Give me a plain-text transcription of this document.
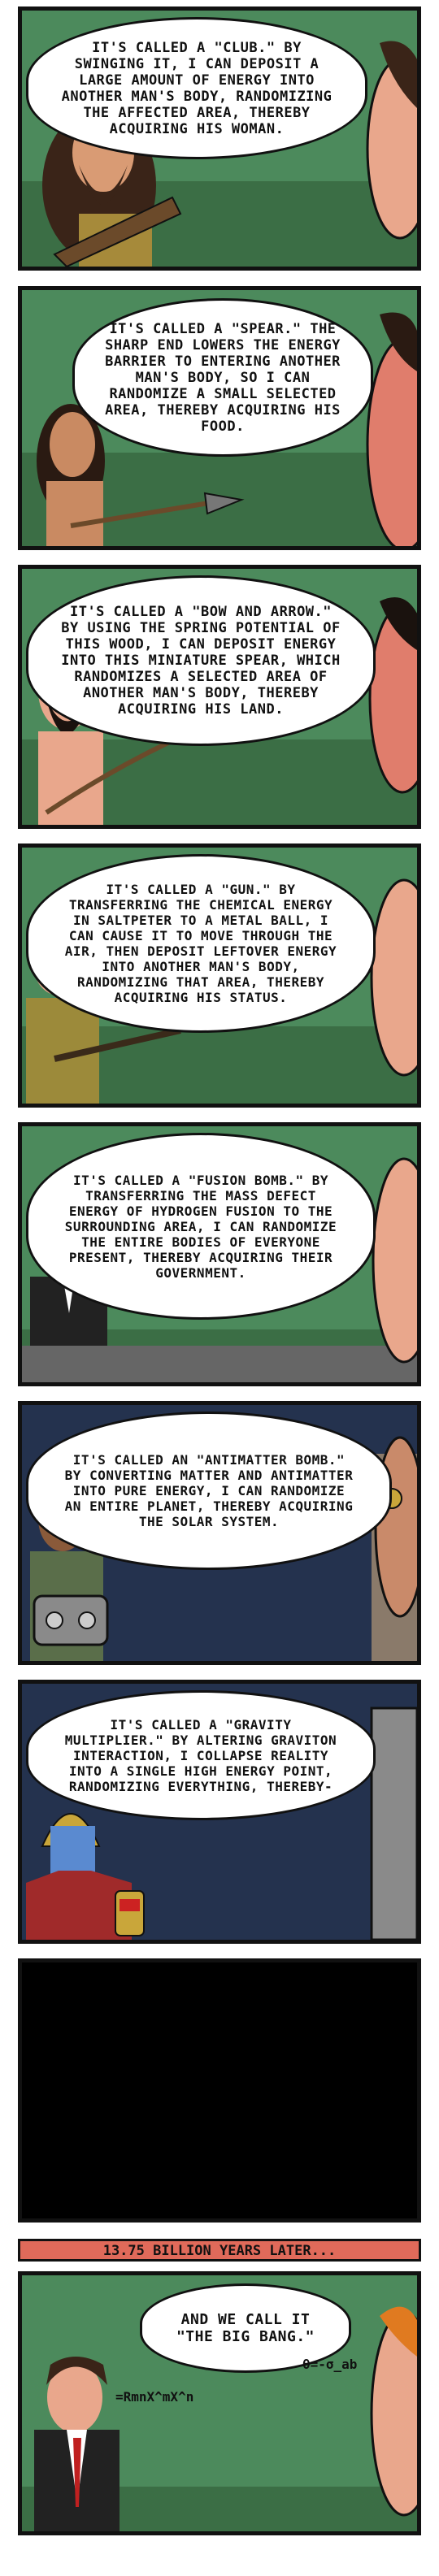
IT'S CALLED A "CLUB." BY SWINGING IT, I CAN DEPOSIT A LARGE AMOUNT OF ENERGY INTO ANOTHER MAN'S BODY, RANDOMIZING THE AFFECTED AREA, THEREBY ACQUIRING HIS WOMAN.
IT'S CALLED A "SPEAR." THE SHARP END LOWERS THE ENERGY BARRIER TO ENTERING ANOTHER MAN'S BODY, SO I CAN RANDOMIZE A SMALL SELECTED AREA, THEREBY ACQUIRING HIS FOOD.
IT'S CALLED A "BOW AND ARROW." BY USING THE SPRING POTENTIAL OF THIS WOOD, I CAN DEPOSIT ENERGY INTO THIS MINIATURE SPEAR, WHICH RANDOMIZES A SELECTED AREA OF ANOTHER MAN'S BODY, THEREBY ACQUIRING HIS LAND.
IT'S CALLED A "GUN." BY TRANSFERRING THE CHEMICAL ENERGY IN SALTPETER TO A METAL BALL, I CAN CAUSE IT TO MOVE THROUGH THE AIR, THEN DEPOSIT LEFTOVER ENERGY INTO ANOTHER MAN'S BODY, RANDOMIZING THAT AREA, THEREBY ACQUIRING HIS STATUS.
IT'S CALLED A "FUSION BOMB." BY TRANSFERRING THE MASS DEFECT ENERGY OF HYDROGEN FUSION TO THE SURROUNDING AREA, I CAN RANDOMIZE THE ENTIRE BODIES OF EVERYONE PRESENT, THEREBY ACQUIRING THEIR GOVERNMENT.
IT'S CALLED AN "ANTIMATTER BOMB." BY CONVERTING MATTER AND ANTIMATTER INTO PURE ENERGY, I CAN RANDOMIZE AN ENTIRE PLANET, THEREBY ACQUIRING THE SOLAR SYSTEM.
IT'S CALLED A "GRAVITY MULTIPLIER." BY ALTERING GRAVITON INTERACTION, I COLLAPSE REALITY INTO A SINGLE HIGH ENERGY POINT, RANDOMIZING EVERYTHING, THEREBY-
13.75 BILLION YEARS LATER...
AND WE CALL IT "THE BIG BANG."
=RmnX^mX^n
θ=-σ_ab
